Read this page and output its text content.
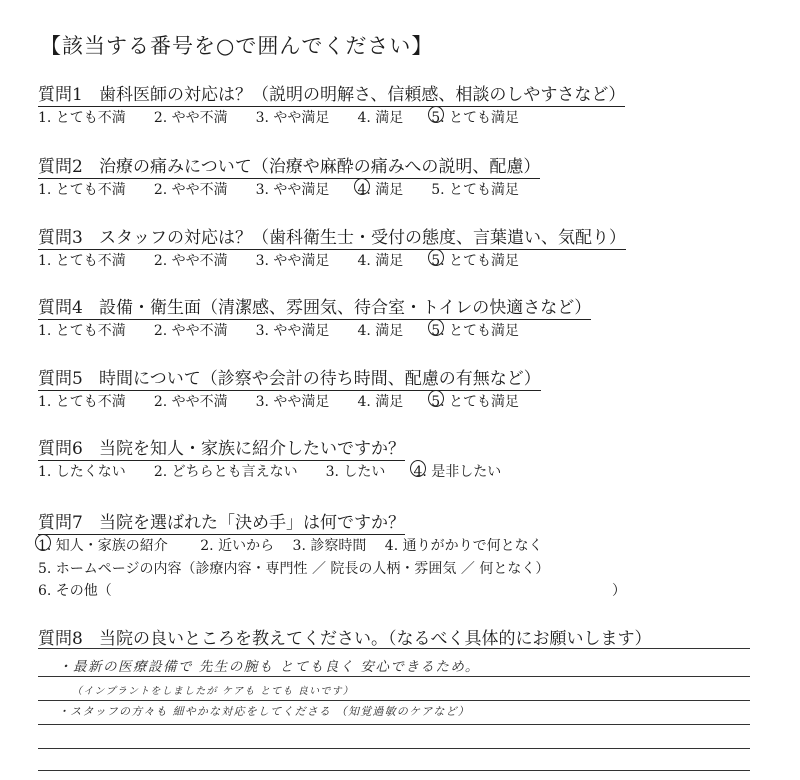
【該当する番号を○で囲んでください】
質問1 歯科医師の対応は？（説明の明解さ、信頼感、相談のしやすさなど）
1. とても不満 2. やや不満 3. やや満足 4. 満足 5. とても満足
質問2 治療の痛みについて（治療や麻酔の痛みへの説明、配慮）
1. とても不満 2. やや不満 3. やや満足 4. 満足 5. とても満足
質問3 スタッフの対応は？（歯科衛生士・受付の態度、言葉遣い、気配り）
1. とても不満 2. やや不満 3. やや満足 4. 満足 5. とても満足
質問4 設備・衛生面（清潔感、雰囲気、待合室・トイレの快適さなど）
1. とても不満 2. やや不満 3. やや満足 4. 満足 5. とても満足
質問5 時間について（診察や会計の待ち時間、配慮の有無など）
1. とても不満 2. やや不満 3. やや満足 4. 満足 5. とても満足
質問6 当院を知人・家族に紹介したいですか？
1. したくない 2. どちらとも言えない 3. したい 4. 是非したい
質問7 当院を選ばれた「決め手」は何ですか？
1. 知人・家族の紹介 2. 近いから 3. 診察時間 4. 通りがかりで何となく
5. ホームページの内容（診療内容・専門性 ／ 院長の人柄・雰囲気 ／ 何となく）
6. その他（	）
質問8 当院の良いところを教えてください。（なるべく具体的にお願いします）
・最新の医療設備で 先生の腕も とても良く 安心できるため。
（インプラントをしましたが ケアも とても 良いです）
・スタッフの方々も 細やかな対応をしてくださる （知覚過敏のケアなど）
